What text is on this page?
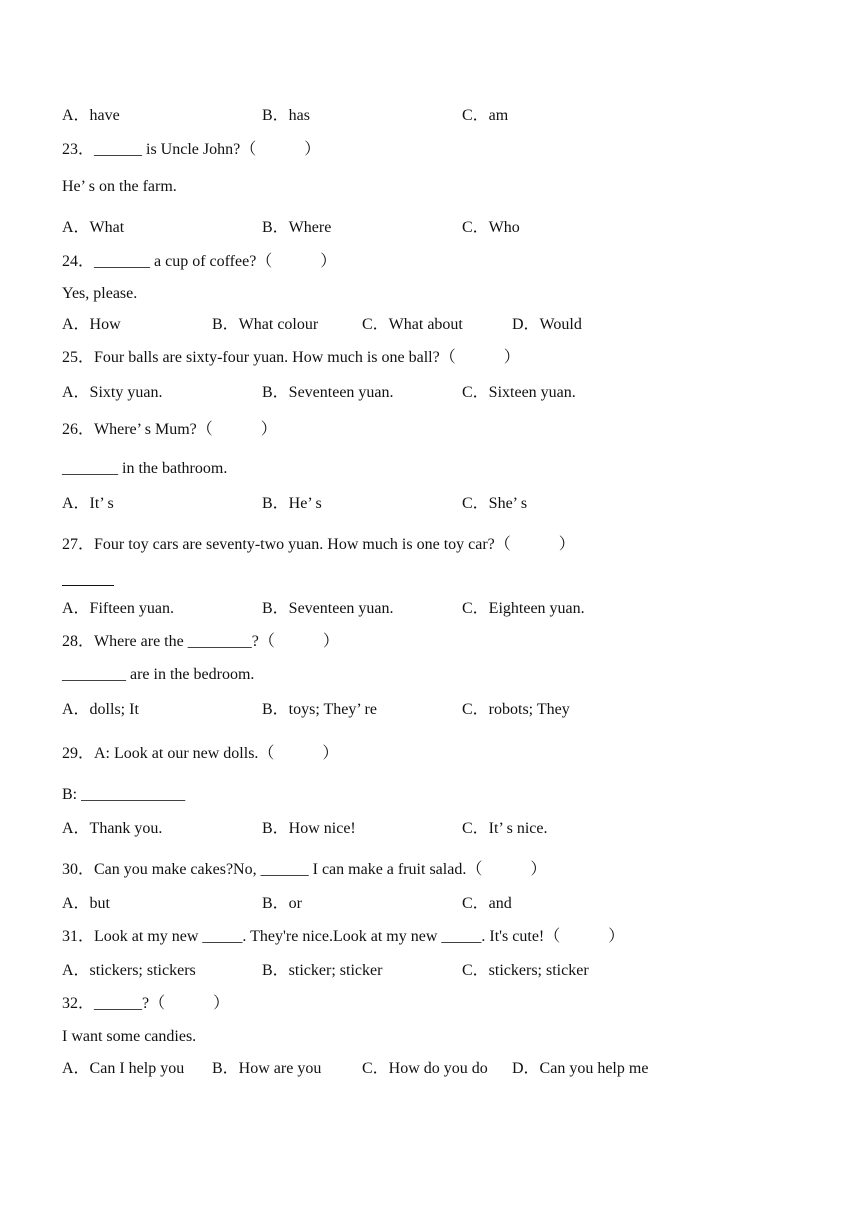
A．have	B．has	C．am
23．______ is Uncle John?（　　　）
He’ s on the farm.
A．What	B．Where	C．Who
24．_______ a cup of coffee?（　　　）
Yes, please.
A．How	B．What colour	C．What about	D．Would
25．Four balls are sixty-four yuan. How much is one ball?（　　　）
A．Sixty yuan.	B．Seventeen yuan.	C．Sixteen yuan.
26．Where’ s Mum?（　　　）
_______ in the bathroom.
A．It’ s	B．He’ s	C．She’ s
27．Four toy cars are seventy-two yuan. How much is one toy car?（　　　）
A．Fifteen yuan.	B．Seventeen yuan.	C．Eighteen yuan.
28．Where are the ________?（　　　）
________ are in the bedroom.
A．dolls; It	B．toys; They’ re	C．robots; They
29．A: Look at our new dolls.（　　　）
B: _____________
A．Thank you.	B．How nice!	C．It’ s nice.
30．Can you make cakes?No, ______ I can make a fruit salad.（　　　）
A．but	B．or	C．and
31．Look at my new _____. They're nice.Look at my new _____. It's cute!（　　　）
A．stickers; stickers	B．sticker; sticker	C．stickers; sticker
32．______?（　　　）
I want some candies.
A．Can I help you B．How are you	C．How do you do D．Can you help me
